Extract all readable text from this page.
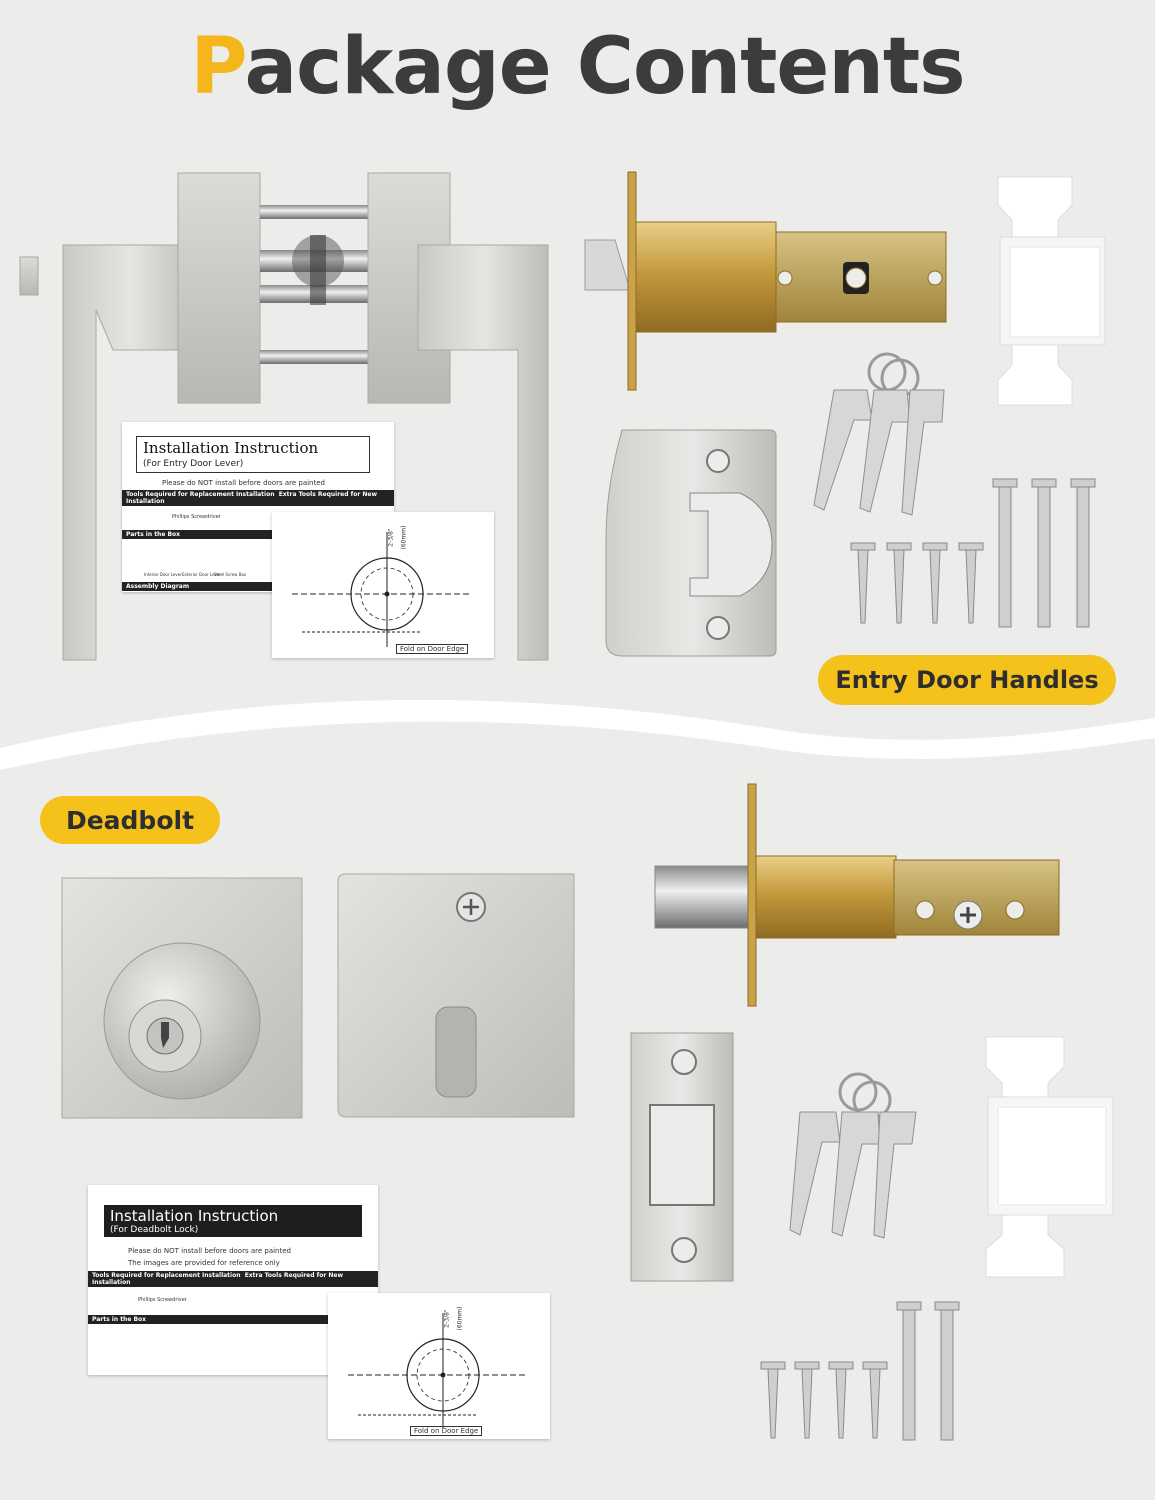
Package Contents
Installation Instruction
(For Entry Door Lever)
Please do NOT install before doors are painted
Tools Required for Replacement Installation Extra Tools Required for New Installation
Phillips Screwdriver
Parts in the Box
Interior Door Lever Exterior Door Lever
Steel Screw Box
Assembly Diagram
2-3/8" (60mm)
Fold on Door Edge
Entry Door Handles
Deadbolt
Installation Instruction
(For Deadbolt Lock)
Please do NOT install before doors are painted
The images are provided for reference only
Tools Required for Replacement Installation Extra Tools Required for New Installation
Phillips Screwdriver
Parts in the Box	2-3/8" (60mm)
Fold on Door Edge
